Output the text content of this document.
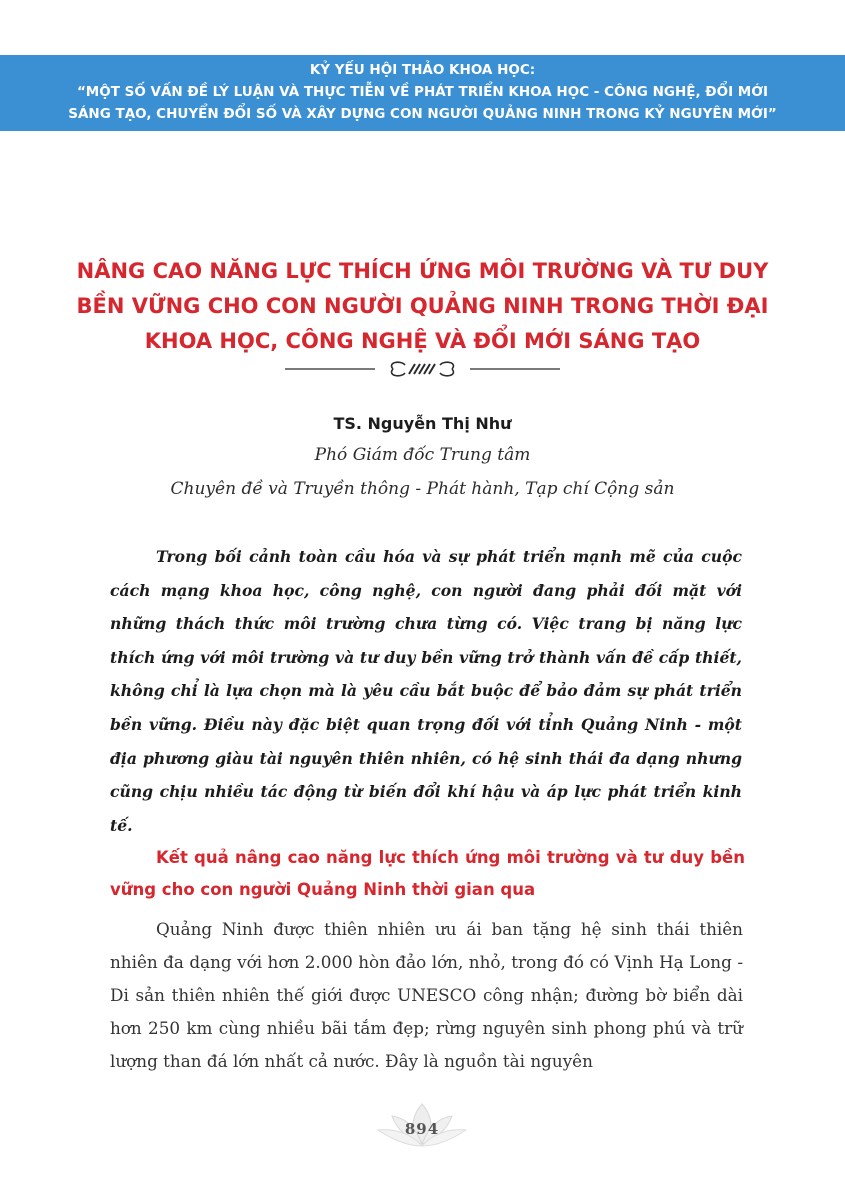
KỶ YẾU HỘI THẢO KHOA HỌC:
“MỘT SỐ VẤN ĐỀ LÝ LUẬN VÀ THỰC TIỄN VỀ PHÁT TRIỂN KHOA HỌC - CÔNG NGHỆ, ĐỔI MỚI
SÁNG TẠO, CHUYỂN ĐỔI SỐ VÀ XÂY DỰNG CON NGƯỜI QUẢNG NINH TRONG KỶ NGUYÊN MỚI”
NÂNG CAO NĂNG LỰC THÍCH ỨNG MÔI TRƯỜNG VÀ TƯ DUY
BỀN VỮNG CHO CON NGƯỜI QUẢNG NINH TRONG THỜI ĐẠI
KHOA HỌC, CÔNG NGHỆ VÀ ĐỔI MỚI SÁNG TẠO
TS. Nguyễn Thị Như
Phó Giám đốc Trung tâm
Chuyên đề và Truyền thông - Phát hành, Tạp chí Cộng sản
Trong bối cảnh toàn cầu hóa và sự phát triển mạnh mẽ của cuộc cách mạng khoa học, công nghệ, con người đang phải đối mặt với những thách thức môi trường chưa từng có. Việc trang bị năng lực thích ứng với môi trường và tư duy bền vững trở thành vấn đề cấp thiết, không chỉ là lựa chọn mà là yêu cầu bắt buộc để bảo đảm sự phát triển bền vững. Điều này đặc biệt quan trọng đối với tỉnh Quảng Ninh - một địa phương giàu tài nguyên thiên nhiên, có hệ sinh thái đa dạng nhưng cũng chịu nhiều tác động từ biến đổi khí hậu và áp lực phát triển kinh tế.
Kết quả nâng cao năng lực thích ứng môi trường và tư duy bền vững cho con người Quảng Ninh thời gian qua
Quảng Ninh được thiên nhiên ưu ái ban tặng hệ sinh thái thiên nhiên đa dạng với hơn 2.000 hòn đảo lớn, nhỏ, trong đó có Vịnh Hạ Long - Di sản thiên nhiên thế giới được UNESCO công nhận; đường bờ biển dài hơn 250 km cùng nhiều bãi tắm đẹp; rừng nguyên sinh phong phú và trữ lượng than đá lớn nhất cả nước. Đây là nguồn tài nguyên
894
